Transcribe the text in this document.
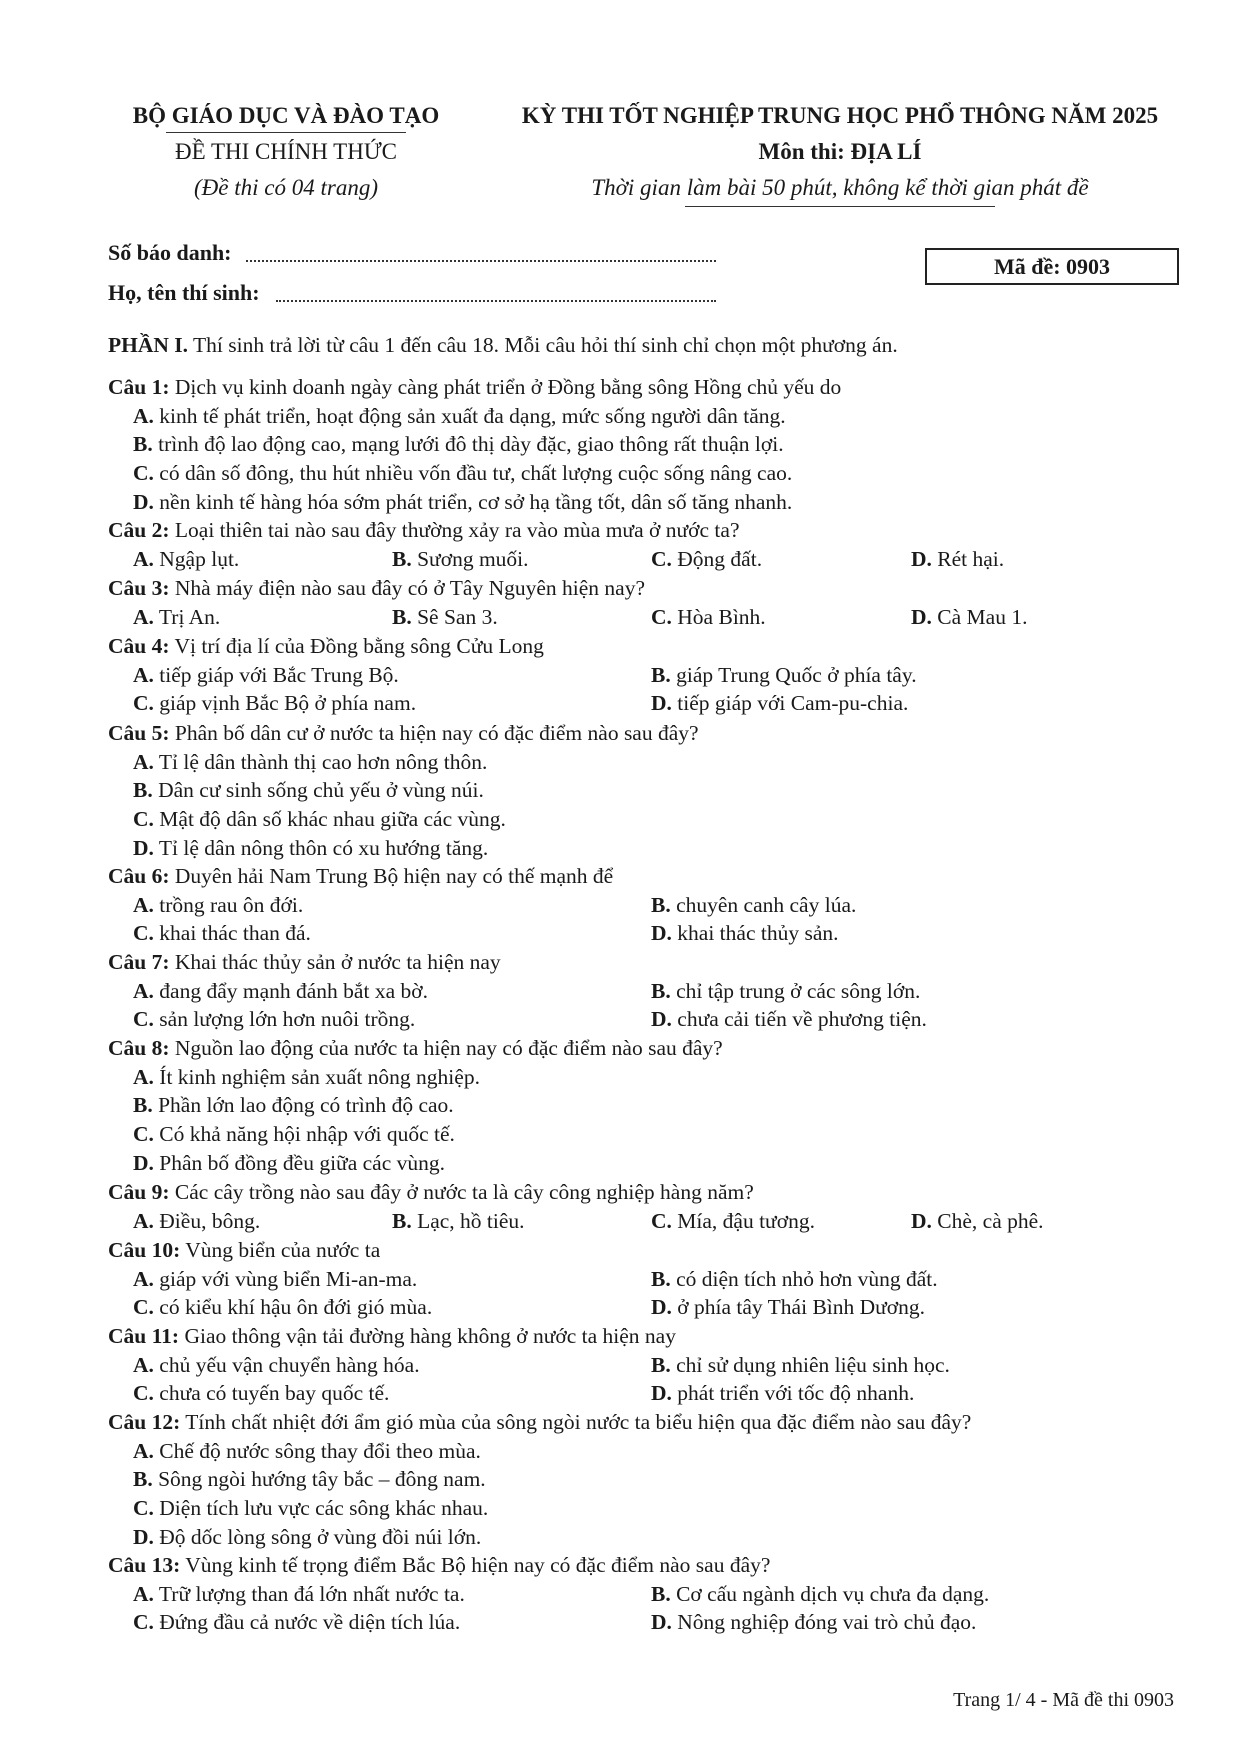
BỘ GIÁO DỤC VÀ ĐÀO TẠO
ĐỀ THI CHÍNH THỨC
(Đề thi có 04 trang)
KỲ THI TỐT NGHIỆP TRUNG HỌC PHỔ THÔNG NĂM 2025
Môn thi: ĐỊA LÍ
Thời gian làm bài 50 phút, không kể thời gian phát đề
Số báo danh:
Họ, tên thí sinh:
Mã đề: 0903
PHẦN I. Thí sinh trả lời từ câu 1 đến câu 18. Mỗi câu hỏi thí sinh chỉ chọn một phương án.
Câu 1: Dịch vụ kinh doanh ngày càng phát triển ở Đồng bằng sông Hồng chủ yếu do
A. kinh tế phát triển, hoạt động sản xuất đa dạng, mức sống người dân tăng.
B. trình độ lao động cao, mạng lưới đô thị dày đặc, giao thông rất thuận lợi.
C. có dân số đông, thu hút nhiều vốn đầu tư, chất lượng cuộc sống nâng cao.
D. nền kinh tế hàng hóa sớm phát triển, cơ sở hạ tầng tốt, dân số tăng nhanh.
Câu 2: Loại thiên tai nào sau đây thường xảy ra vào mùa mưa ở nước ta?
A. Ngập lụt.	B. Sương muối.	C. Động đất.	D. Rét hại.
Câu 3: Nhà máy điện nào sau đây có ở Tây Nguyên hiện nay?
A. Trị An.	B. Sê San 3.	C. Hòa Bình.	D. Cà Mau 1.
Câu 4: Vị trí địa lí của Đồng bằng sông Cửu Long
A. tiếp giáp với Bắc Trung Bộ.	B. giáp Trung Quốc ở phía tây.
C. giáp vịnh Bắc Bộ ở phía nam.	D. tiếp giáp với Cam-pu-chia.
Câu 5: Phân bố dân cư ở nước ta hiện nay có đặc điểm nào sau đây?
A. Tỉ lệ dân thành thị cao hơn nông thôn.
B. Dân cư sinh sống chủ yếu ở vùng núi.
C. Mật độ dân số khác nhau giữa các vùng.
D. Tỉ lệ dân nông thôn có xu hướng tăng.
Câu 6: Duyên hải Nam Trung Bộ hiện nay có thế mạnh để
A. trồng rau ôn đới.	B. chuyên canh cây lúa.
C. khai thác than đá.	D. khai thác thủy sản.
Câu 7: Khai thác thủy sản ở nước ta hiện nay
A. đang đẩy mạnh đánh bắt xa bờ.	B. chỉ tập trung ở các sông lớn.
C. sản lượng lớn hơn nuôi trồng.	D. chưa cải tiến về phương tiện.
Câu 8: Nguồn lao động của nước ta hiện nay có đặc điểm nào sau đây?
A. Ít kinh nghiệm sản xuất nông nghiệp.
B. Phần lớn lao động có trình độ cao.
C. Có khả năng hội nhập với quốc tế.
D. Phân bố đồng đều giữa các vùng.
Câu 9: Các cây trồng nào sau đây ở nước ta là cây công nghiệp hàng năm?
A. Điều, bông.	B. Lạc, hồ tiêu.	C. Mía, đậu tương.	D. Chè, cà phê.
Câu 10: Vùng biển của nước ta
A. giáp với vùng biển Mi-an-ma.	B. có diện tích nhỏ hơn vùng đất.
C. có kiểu khí hậu ôn đới gió mùa.	D. ở phía tây Thái Bình Dương.
Câu 11: Giao thông vận tải đường hàng không ở nước ta hiện nay
A. chủ yếu vận chuyển hàng hóa.	B. chỉ sử dụng nhiên liệu sinh học.
C. chưa có tuyến bay quốc tế.	D. phát triển với tốc độ nhanh.
Câu 12: Tính chất nhiệt đới ẩm gió mùa của sông ngòi nước ta biểu hiện qua đặc điểm nào sau đây?
A. Chế độ nước sông thay đổi theo mùa.
B. Sông ngòi hướng tây bắc – đông nam.
C. Diện tích lưu vực các sông khác nhau.
D. Độ dốc lòng sông ở vùng đồi núi lớn.
Câu 13: Vùng kinh tế trọng điểm Bắc Bộ hiện nay có đặc điểm nào sau đây?
A. Trữ lượng than đá lớn nhất nước ta.	B. Cơ cấu ngành dịch vụ chưa đa dạng.
C. Đứng đầu cả nước về diện tích lúa.	D. Nông nghiệp đóng vai trò chủ đạo.
Trang 1/ 4 - Mã đề thi 0903
